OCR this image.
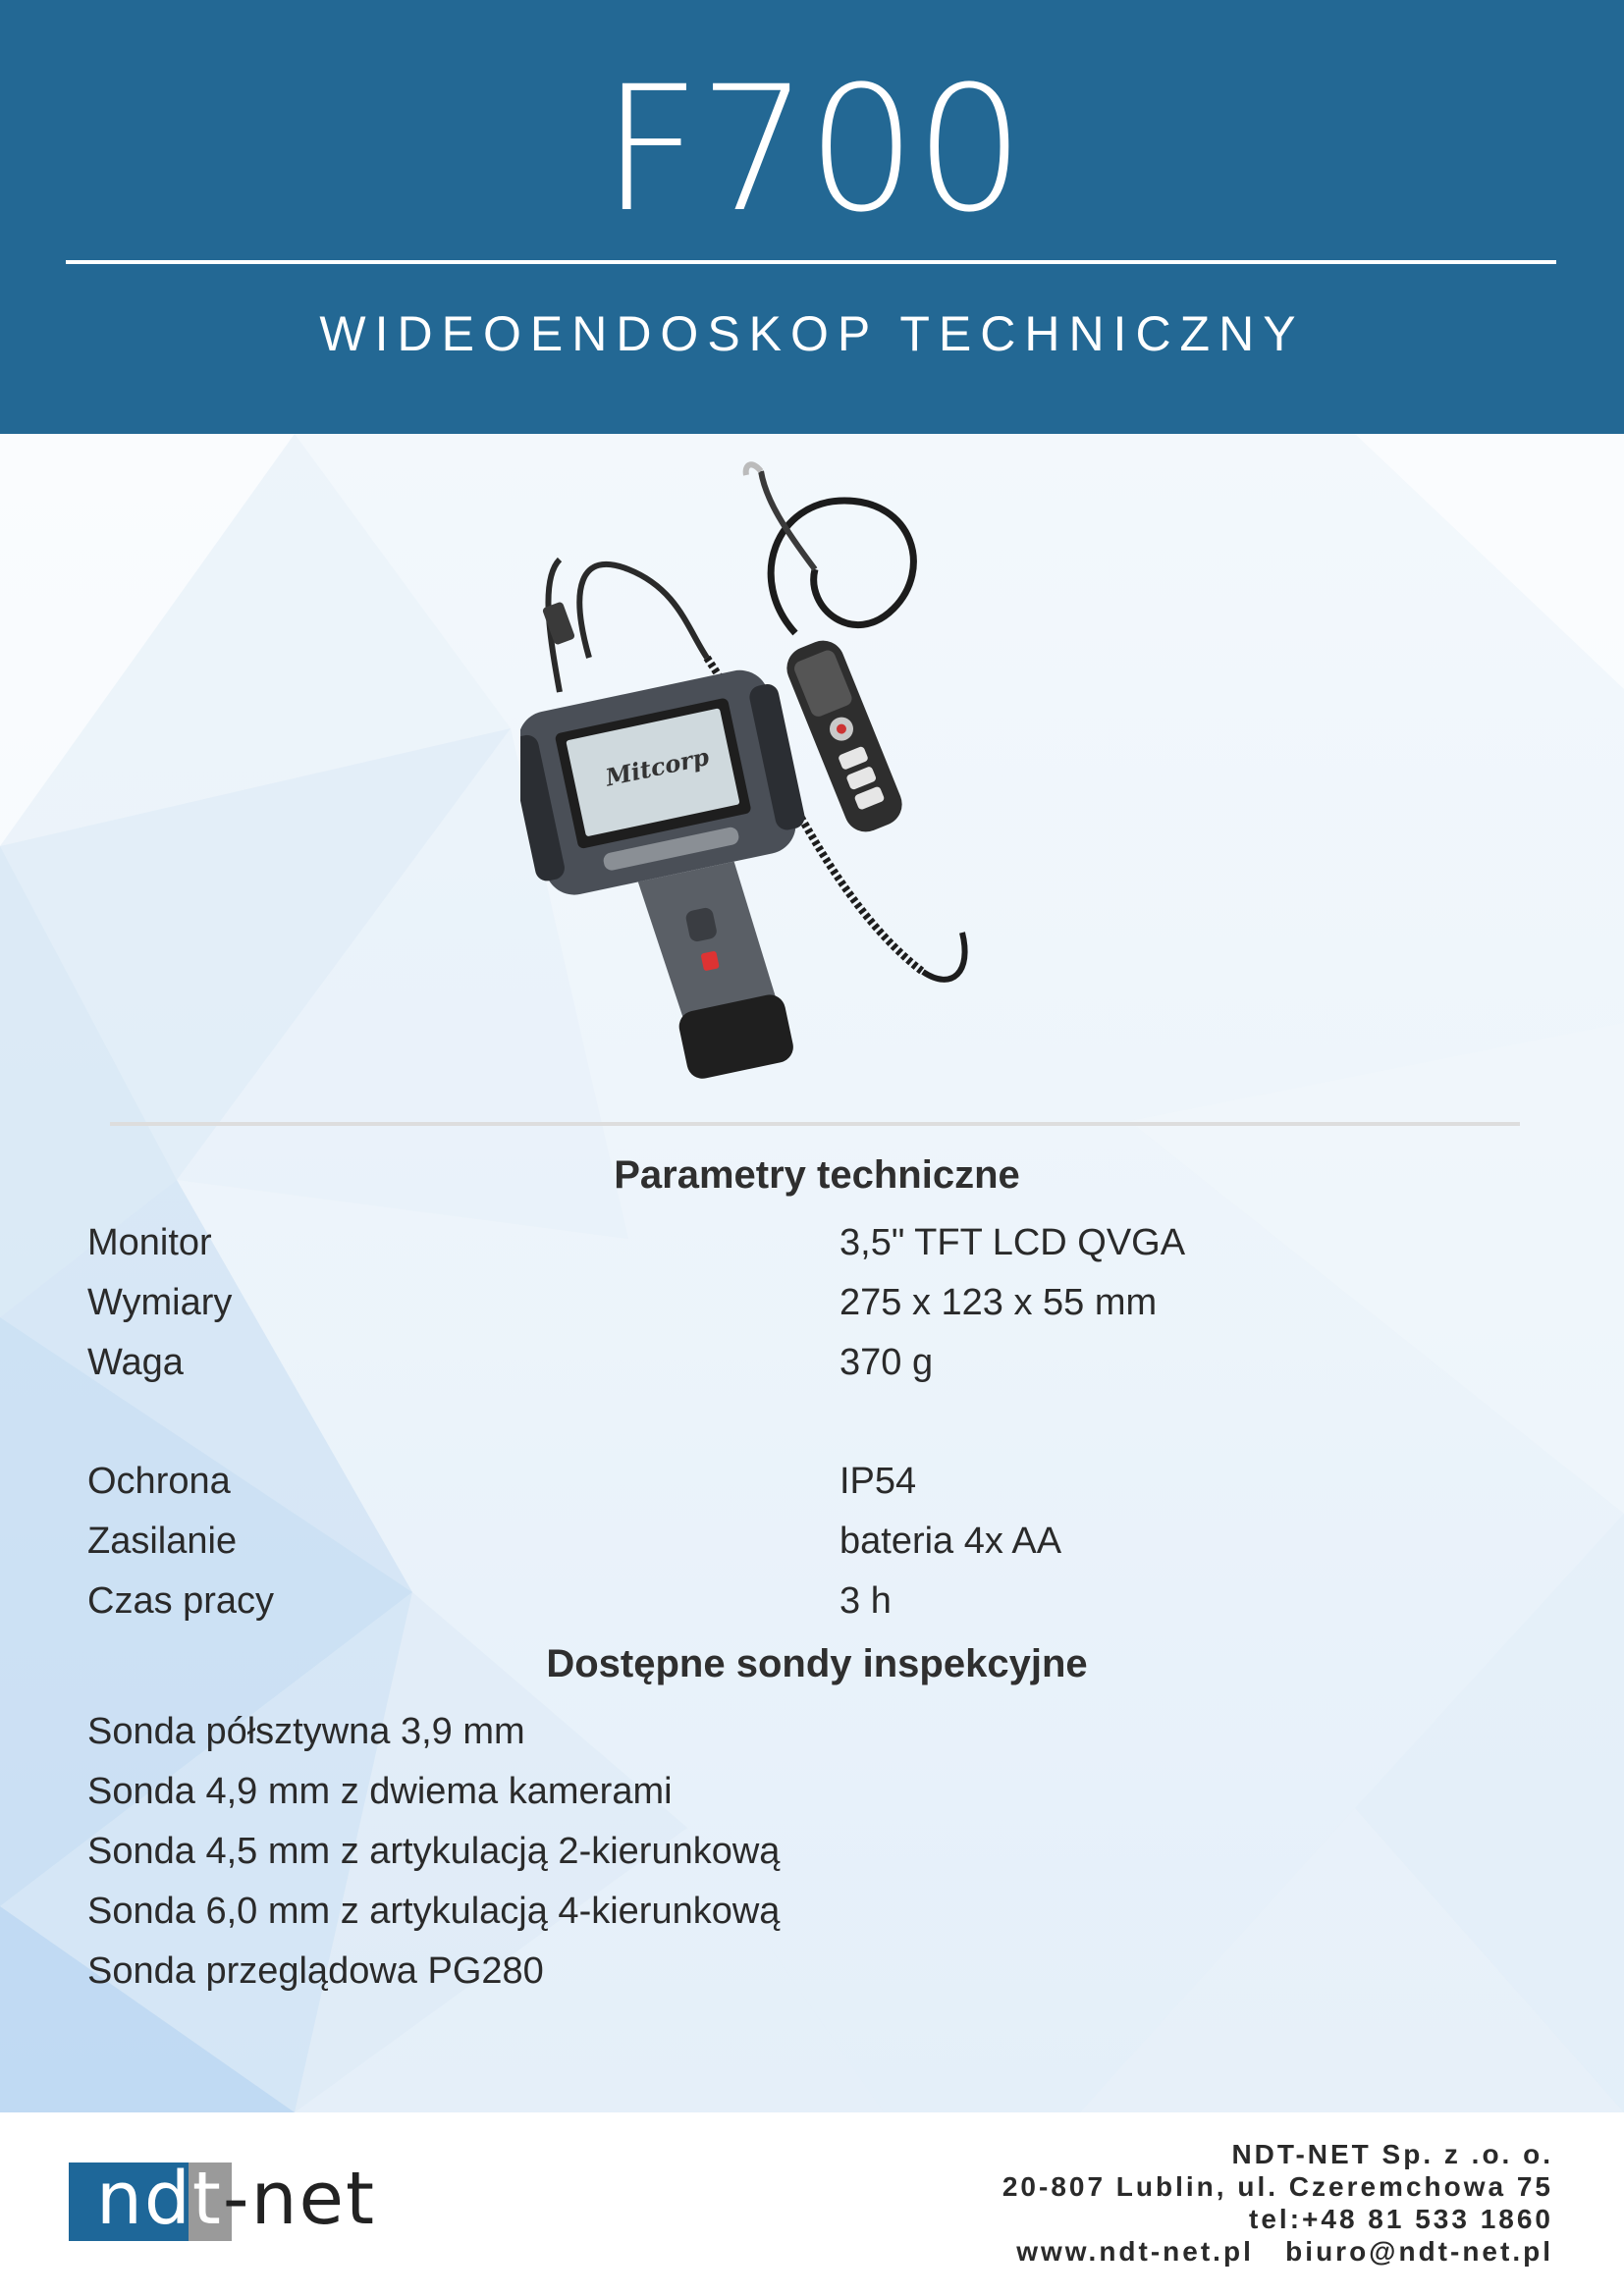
F700
WIDEOENDOSKOP TECHNICZNY
Mitcorp
Parametry techniczne
Monitor	3,5" TFT LCD QVGA
Wymiary	275 x 123 x 55 mm
Waga	370 g
Ochrona	IP54
Zasilanie	bateria 4x AA
Czas pracy	3 h
Dostępne sondy inspekcyjne
Sonda półsztywna 3,9 mm
Sonda 4,9 mm z dwiema kamerami
Sonda 4,5 mm z artykulacją 2-kierunkową
Sonda 6,0 mm z artykulacją 4-kierunkową
Sonda przeglądowa PG280
ndt-net
NDT-NET Sp. z .o. o.
20-807 Lublin, ul. Czeremchowa 75
tel:+48 81 533 1860
www.ndt-net.pl   biuro@ndt-net.pl
